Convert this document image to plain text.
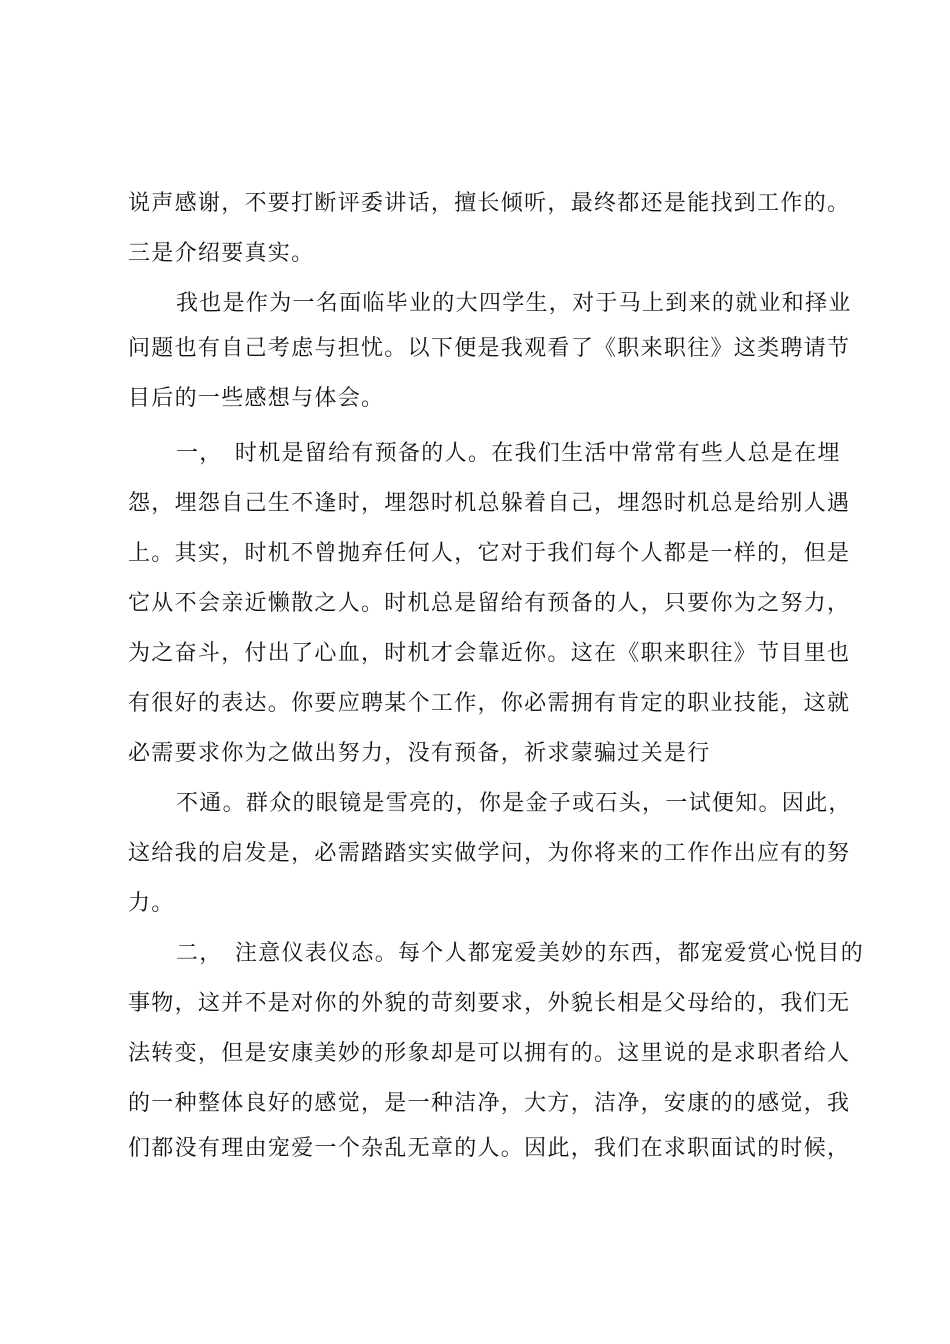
说声感谢，不要打断评委讲话，擅长倾听，最终都还是能找到工作的。
三是介绍要真实。
我也是作为一名面临毕业的大四学生，对于马上到来的就业和择业
问题也有自己考虑与担忧。以下便是我观看了《职来职往》这类聘请节
目后的一些感想与体会。
一，　时机是留给有预备的人。在我们生活中常常有些人总是在埋
怨，埋怨自己生不逢时，埋怨时机总躲着自己，埋怨时机总是给别人遇
上。其实，时机不曾抛弃任何人，它对于我们每个人都是一样的，但是
它从不会亲近懒散之人。时机总是留给有预备的人，只要你为之努力，
为之奋斗，付出了心血，时机才会靠近你。这在《职来职往》节目里也
有很好的表达。你要应聘某个工作，你必需拥有肯定的职业技能，这就
必需要求你为之做出努力，没有预备，祈求蒙骗过关是行
不通。群众的眼镜是雪亮的，你是金子或石头，一试便知。因此，
这给我的启发是，必需踏踏实实做学问，为你将来的工作作出应有的努
力。
二，　注意仪表仪态。每个人都宠爱美妙的东西，都宠爱赏心悦目的
事物，这并不是对你的外貌的苛刻要求，外貌长相是父母给的，我们无
法转变，但是安康美妙的形象却是可以拥有的。这里说的是求职者给人
的一种整体良好的感觉，是一种洁净，大方，洁净，安康的的感觉，我
们都没有理由宠爱一个杂乱无章的人。因此，我们在求职面试的时候，
